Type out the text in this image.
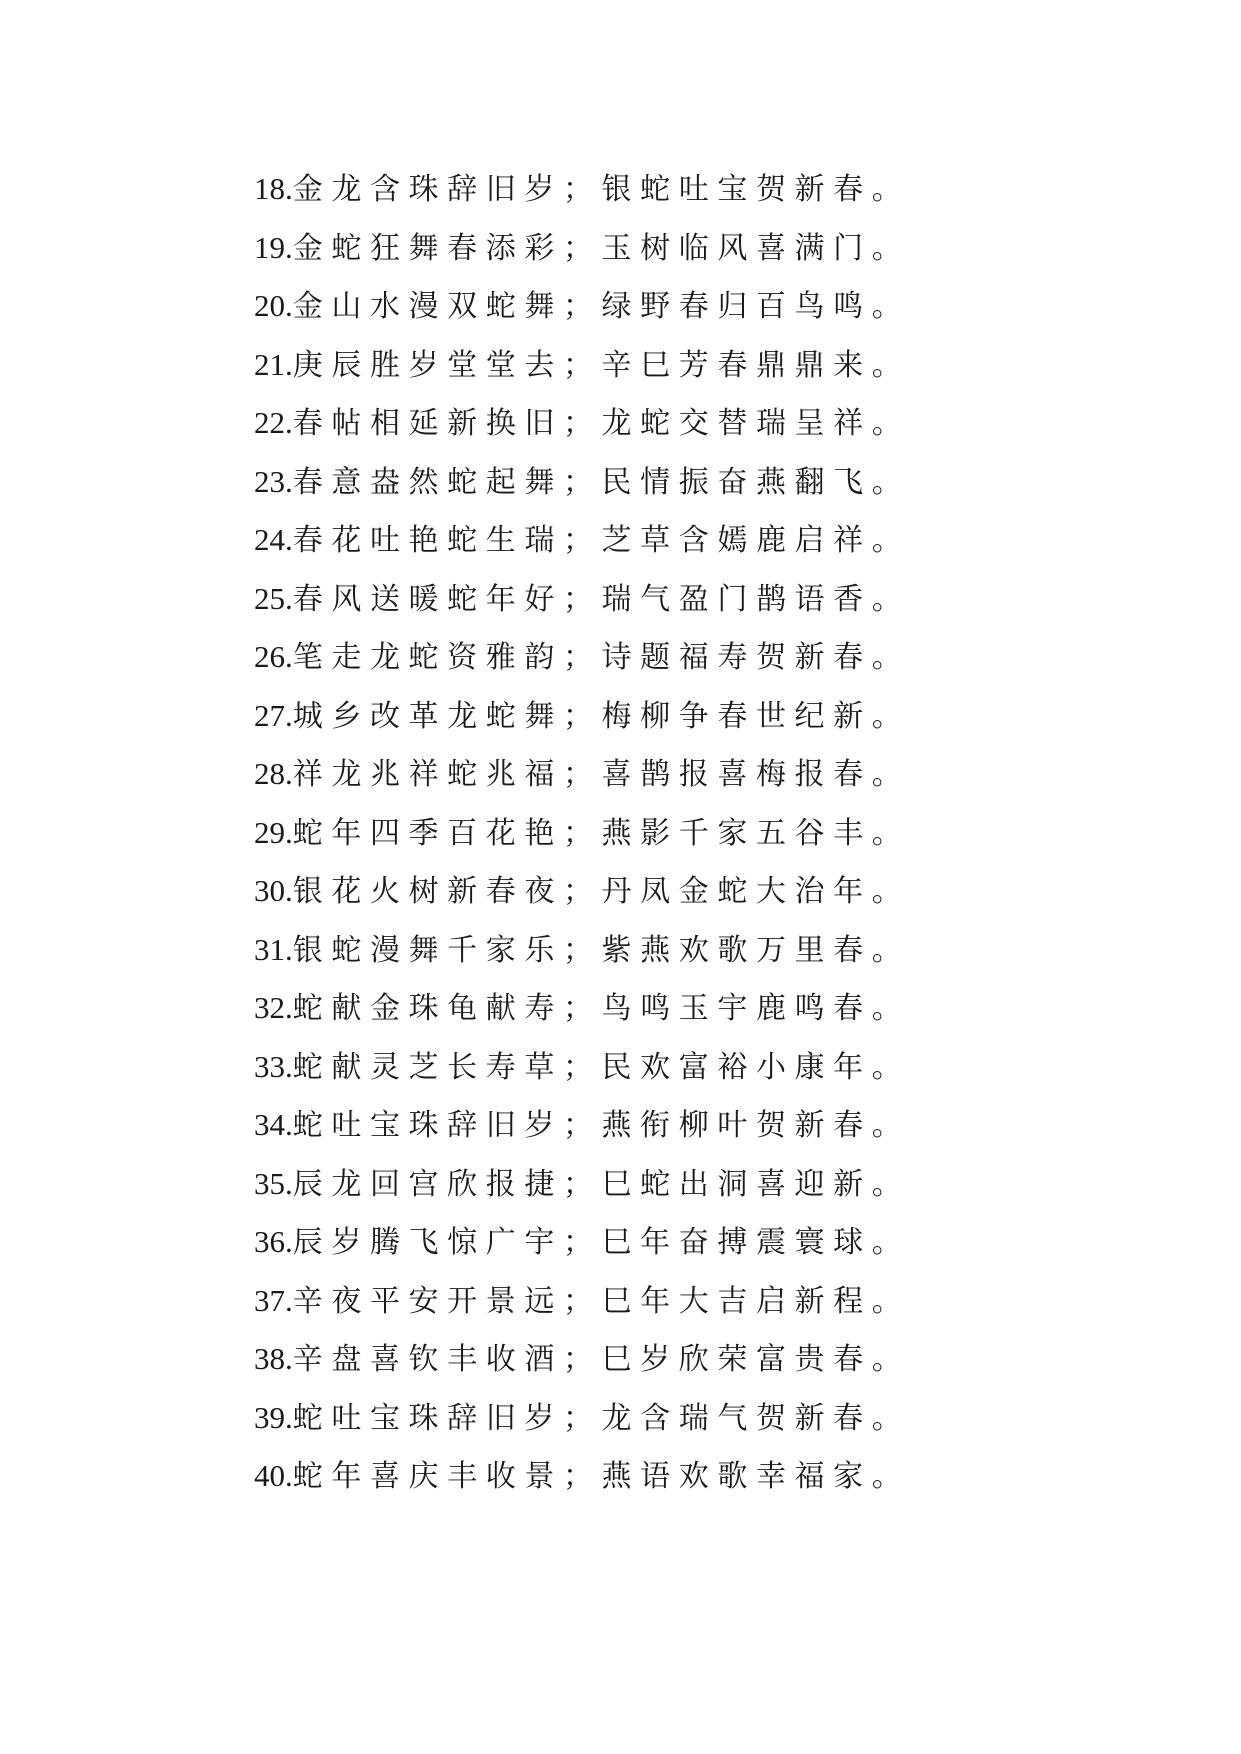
18.金龙含珠辞旧岁；银蛇吐宝贺新春。
19.金蛇狂舞春添彩；玉树临风喜满门。
20.金山水漫双蛇舞；绿野春归百鸟鸣。
21.庚辰胜岁堂堂去；辛巳芳春鼎鼎来。
22.春帖相延新换旧；龙蛇交替瑞呈祥。
23.春意盎然蛇起舞；民情振奋燕翻飞。
24.春花吐艳蛇生瑞；芝草含嫣鹿启祥。
25.春风送暖蛇年好；瑞气盈门鹊语香。
26.笔走龙蛇资雅韵；诗题福寿贺新春。
27.城乡改革龙蛇舞；梅柳争春世纪新。
28.祥龙兆祥蛇兆福；喜鹊报喜梅报春。
29.蛇年四季百花艳；燕影千家五谷丰。
30.银花火树新春夜；丹凤金蛇大治年。
31.银蛇漫舞千家乐；紫燕欢歌万里春。
32.蛇献金珠龟献寿；鸟鸣玉宇鹿鸣春。
33.蛇献灵芝长寿草；民欢富裕小康年。
34.蛇吐宝珠辞旧岁；燕衔柳叶贺新春。
35.辰龙回宫欣报捷；巳蛇出洞喜迎新。
36.辰岁腾飞惊广宇；巳年奋搏震寰球。
37.辛夜平安开景远；巳年大吉启新程。
38.辛盘喜钦丰收酒；巳岁欣荣富贵春。
39.蛇吐宝珠辞旧岁；龙含瑞气贺新春。
40.蛇年喜庆丰收景；燕语欢歌幸福家。
